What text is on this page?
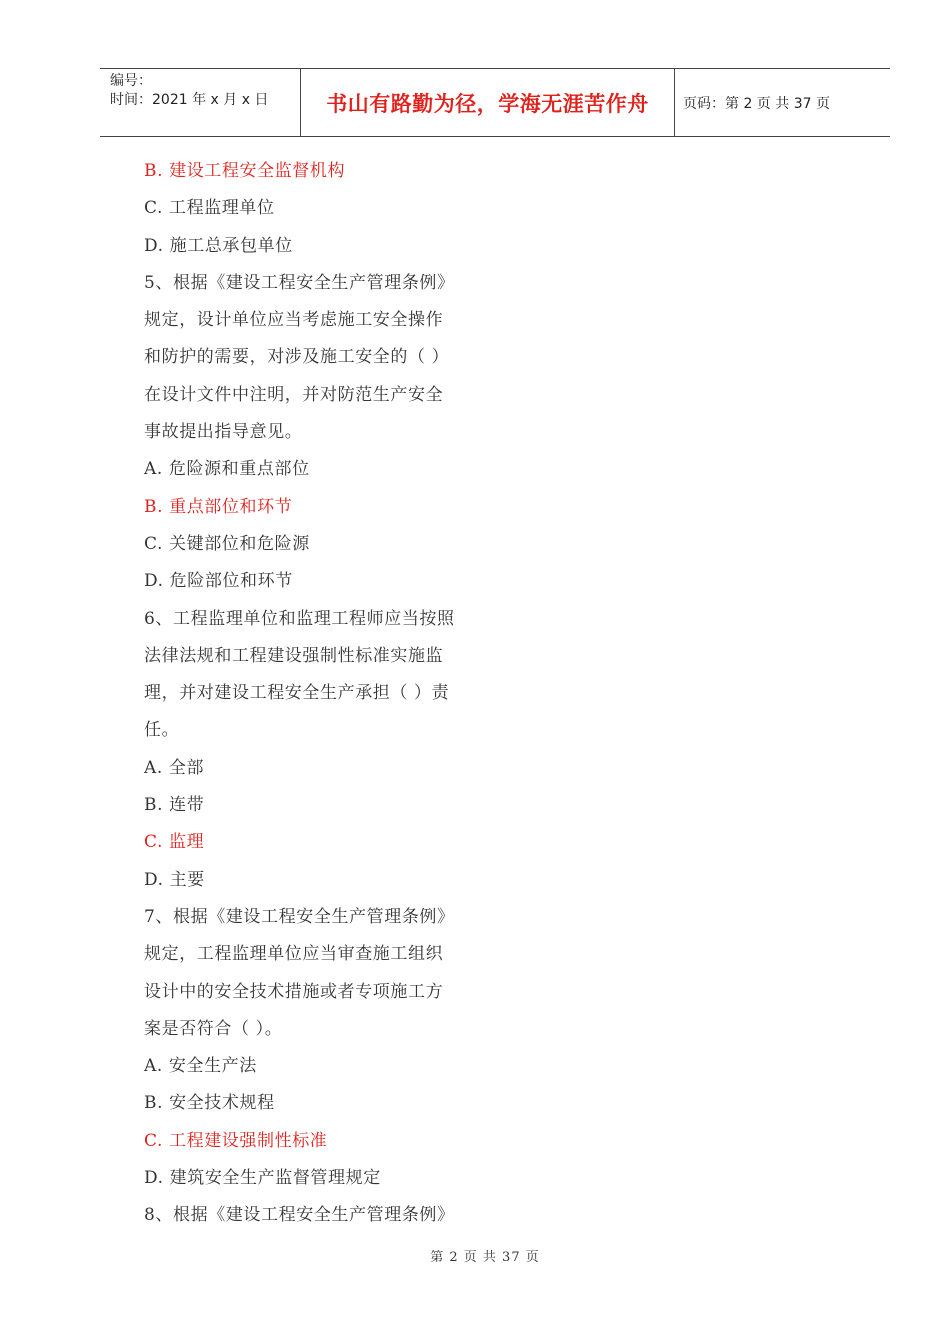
编号：
时间：2021 年 x 月 x 日	书山有路勤为径，学海无涯苦作舟 页码：第 2 页 共 37 页
B. 建设工程安全监督机构
C. 工程监理单位
D. 施工总承包单位
5、根据《建设工程安全生产管理条例》
规定，设计单位应当考虑施工安全操作
和防护的需要，对涉及施工安全的（ ）
在设计文件中注明，并对防范生产安全
事故提出指导意见。
A. 危险源和重点部位
B. 重点部位和环节
C. 关键部位和危险源
D. 危险部位和环节
6、工程监理单位和监理工程师应当按照
法律法规和工程建设强制性标准实施监
理，并对建设工程安全生产承担（ ）责
任。
A. 全部
B. 连带
C. 监理
D. 主要
7、根据《建设工程安全生产管理条例》
规定，工程监理单位应当审查施工组织
设计中的安全技术措施或者专项施工方
案是否符合（ ）。
A. 安全生产法
B. 安全技术规程
C. 工程建设强制性标准
D. 建筑安全生产监督管理规定
8、根据《建设工程安全生产管理条例》
第 2 页 共 37 页
